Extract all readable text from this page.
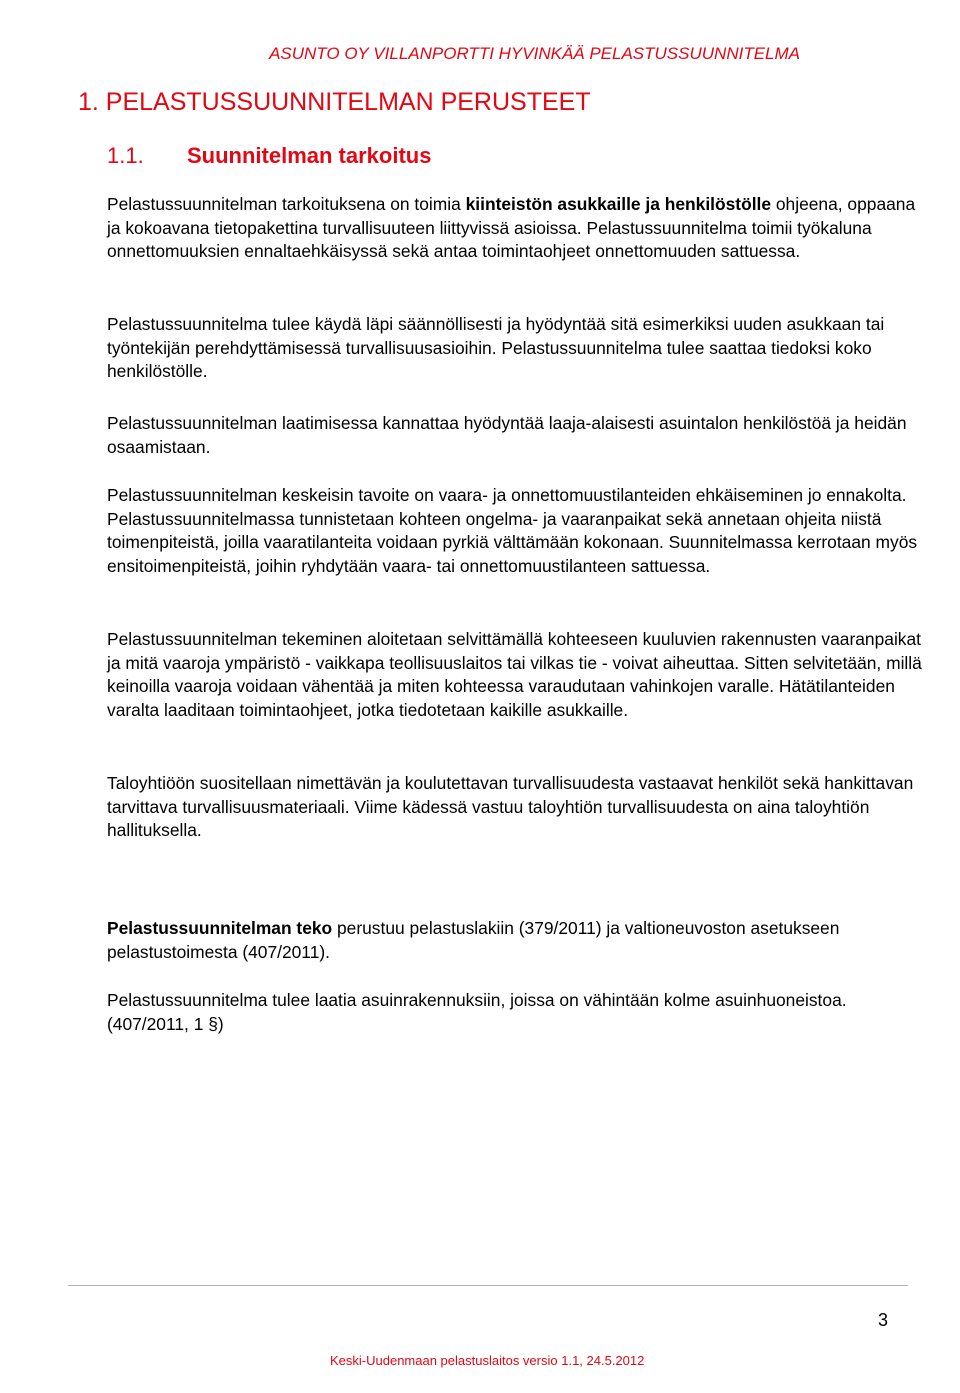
ASUNTO OY VILLANPORTTI HYVINKÄÄ PELASTUSSUUNNITELMA
1. PELASTUSSUUNNITELMAN PERUSTEET
1.1. Suunnitelman tarkoitus

Pelastussuunnitelman tarkoituksena on toimia kiinteistön asukkaille ja henkilöstölle ohjeena, oppaana ja kokoavana tietopakettina turvallisuuteen liittyvissä asioissa. Pelastussuunnitelma toimii työkaluna onnettomuuksien ennaltaehkäisyssä sekä antaa toimintaohjeet onnettomuuden sattuessa.

Pelastussuunnitelma tulee käydä läpi säännöllisesti ja hyödyntää sitä esimerkiksi uuden asukkaan tai työntekijän perehdyttämisessä turvallisuusasioihin. Pelastussuunnitelma tulee saattaa tiedoksi koko henkilöstölle.

Pelastussuunnitelman laatimisessa kannattaa hyödyntää laaja-alaisesti asuintalon henkilöstöä ja heidän osaamistaan.

Pelastussuunnitelman keskeisin tavoite on vaara- ja onnettomuustilanteiden ehkäiseminen jo ennakolta. Pelastussuunnitelmassa tunnistetaan kohteen ongelma- ja vaaranpaikat sekä annetaan ohjeita niistä toimenpiteistä, joilla vaaratilanteita voidaan pyrkiä välttämään kokonaan. Suunnitelmassa kerrotaan myös ensitoimenpiteistä, joihin ryhdytään vaara- tai onnettomuustilanteen sattuessa.

Pelastussuunnitelman tekeminen aloitetaan selvittämällä kohteeseen kuuluvien rakennusten vaaranpaikat ja mitä vaaroja ympäristö - vaikkapa teollisuuslaitos tai vilkas tie - voivat aiheuttaa. Sitten selvitetään, millä keinoilla vaaroja voidaan vähentää ja miten kohteessa varaudutaan vahinkojen varalle. Hätätilanteiden varalta laaditaan toimintaohjeet, jotka tiedotetaan kaikille asukkaille.

Taloyhtiöön suositellaan nimettävän ja koulutettavan turvallisuudesta vastaavat henkilöt sekä hankittavan tarvittava turvallisuusmateriaali. Viime kädessä vastuu taloyhtiön turvallisuudesta on aina taloyhtiön hallituksella.

Pelastussuunnitelman teko perustuu pelastuslakiin (379/2011) ja valtioneuvoston asetukseen pelastustoimesta (407/2011).

Pelastussuunnitelma tulee laatia asuinrakennuksiin, joissa on vähintään kolme asuinhuoneistoa. (407/2011, 1 §)

3
Keski-Uudenmaan pelastuslaitos versio 1.1, 24.5.2012
